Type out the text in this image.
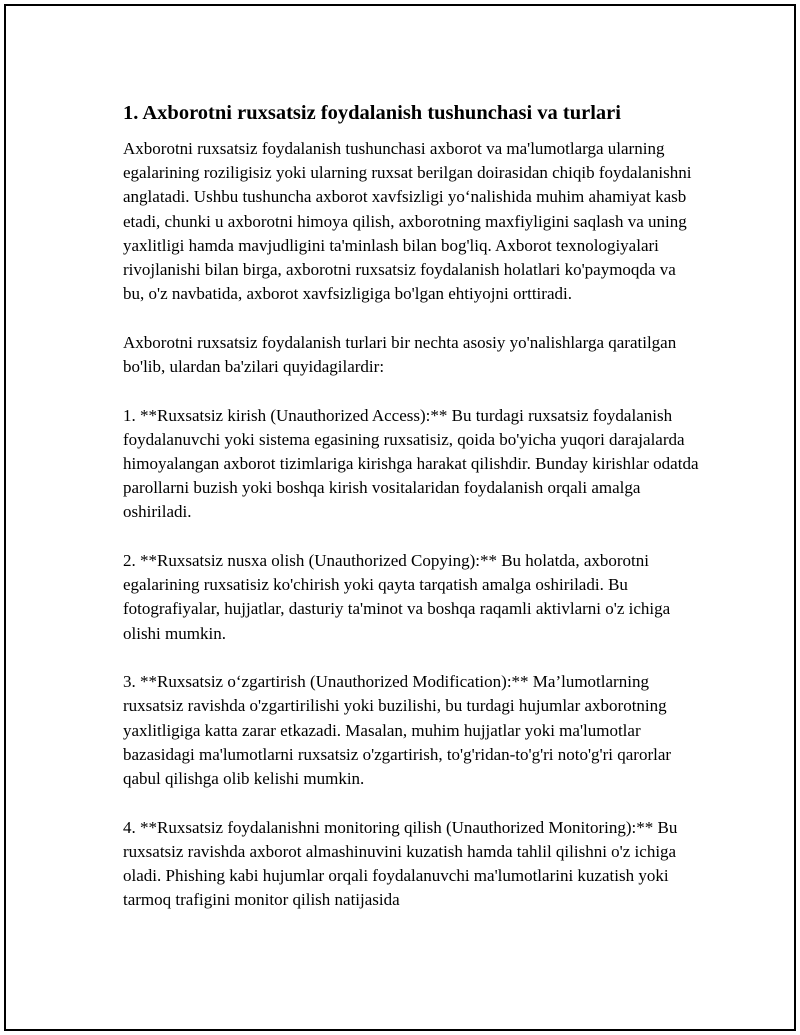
1. Axborotni ruxsatsiz foydalanish tushunchasi va turlari

Axborotni ruxsatsiz foydalanish tushunchasi axborot va ma'lumotlarga ularning egalarining roziligisiz yoki ularning ruxsat berilgan doirasidan chiqib foydalanishni anglatadi. Ushbu tushuncha axborot xavfsizligi yo‘nalishida muhim ahamiyat kasb etadi, chunki u axborotni himoya qilish, axborotning maxfiyligini saqlash va uning yaxlitligi hamda mavjudligini ta'minlash bilan bog'liq. Axborot texnologiyalari rivojlanishi bilan birga, axborotni ruxsatsiz foydalanish holatlari ko'paymoqda va bu, o'z navbatida, axborot xavfsizligiga bo'lgan ehtiyojni orttiradi.

Axborotni ruxsatsiz foydalanish turlari bir nechta asosiy yo'nalishlarga qaratilgan bo'lib, ulardan ba'zilari quyidagilardir:

1. **Ruxsatsiz kirish (Unauthorized Access):** Bu turdagi ruxsatsiz foydalanish foydalanuvchi yoki sistema egasining ruxsatisiz, qoida bo'yicha yuqori darajalarda himoyalangan axborot tizimlariga kirishga harakat qilishdir. Bunday kirishlar odatda parollarni buzish yoki boshqa kirish vositalaridan foydalanish orqali amalga oshiriladi.

2. **Ruxsatsiz nusxa olish (Unauthorized Copying):** Bu holatda, axborotni egalarining ruxsatisiz ko'chirish yoki qayta tarqatish amalga oshiriladi. Bu fotografiyalar, hujjatlar, dasturiy ta'minot va boshqa raqamli aktivlarni o'z ichiga olishi mumkin.

3. **Ruxsatsiz o‘zgartirish (Unauthorized Modification):** Ma’lumotlarning ruxsatsiz ravishda o'zgartirilishi yoki buzilishi, bu turdagi hujumlar axborotning yaxlitligiga katta zarar etkazadi. Masalan, muhim hujjatlar yoki ma'lumotlar bazasidagi ma'lumotlarni ruxsatsiz o'zgartirish, to'g'ridan-to'g'ri noto'g'ri qarorlar qabul qilishga olib kelishi mumkin.

4. **Ruxsatsiz foydalanishni monitoring qilish (Unauthorized Monitoring):** Bu ruxsatsiz ravishda axborot almashinuvini kuzatish hamda tahlil qilishni o'z ichiga oladi. Phishing kabi hujumlar orqali foydalanuvchi ma'lumotlarini kuzatish yoki tarmoq trafigini monitor qilish natijasida
